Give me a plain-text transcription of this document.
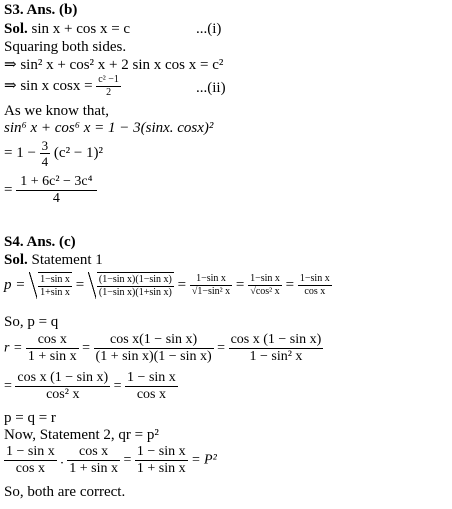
S3. Ans. (b)
Sol. sin x + cos x = c	...(i)
Squaring both sides.
⇒ sin² x + cos² x + 2 sin x cos x = c²
⇒ sin x $\cos x = \frac{\text{c² −1}}{2}$	...(ii)
As we know that,
sin⁶ x + cos⁶ x = 1 − 3(sinx. cosx)²
= $1 - \frac{3}{4} (c^2 - 1)^2$
= $\frac{\text{1 + 6c² − 3c⁴}}{4}$
S4. Ans. (c)
Sol. Statement 1
$p = \frac{\text{1−sin x}}{\text{1+sin x}} = \frac{\text{(1−sin x)(1−sin x)}}{\text{(1−sin x)(1+sin x)}} = \frac{\text{1−sin x}}{\text{√1−sin² x}} = \frac{\text{1−sin x}}{\text{√cos² x}} = \frac{\text{1−sin x}}{\text{cos x}}$
So, p = q
$r = \frac{\text{cos x}}{\text{1 + sin x}} = \frac{\text{cos x(1 − sin x)}}{\text{(1 + sin x)(1 − sin x)}} = \frac{\text{cos x (1 − sin x)}}{\text{1 − sin² x}}$
= $\frac{\text{cos x (1 − sin x)}}{\text{cos² x}} = \frac{\text{1 − sin x}}{\text{cos x}}$
p = q = r
Now, Statement 2, qr = p²
$\frac{\text{1 − sin x}}{\text{cos x}}$ . $\frac{\text{cos x}}{\text{1 + sin x}} = \frac{\text{1 − sin x}}{\text{1 + sin x}} = P^2$
So, both are correct.
